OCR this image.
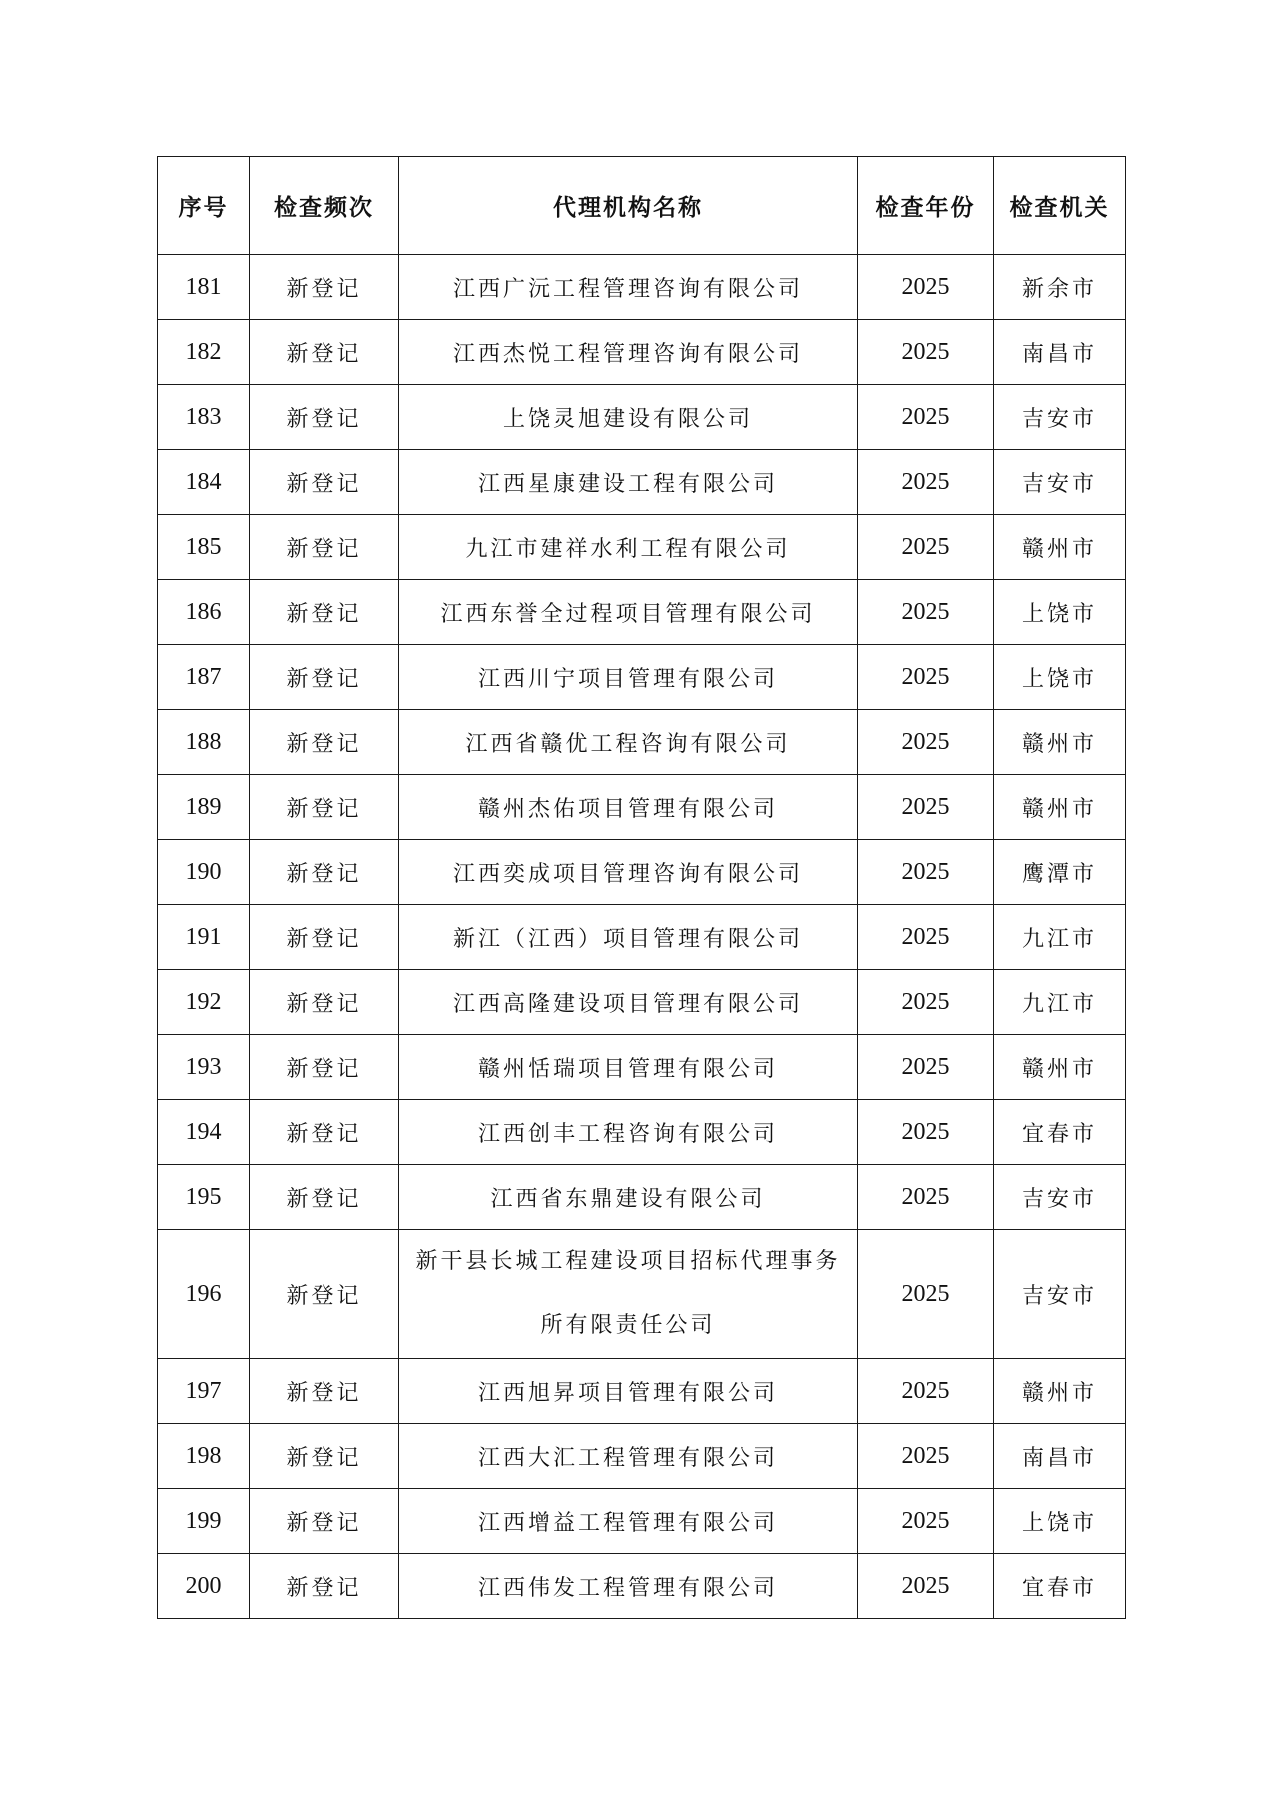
序号	检查频次	代理机构名称	检查年份	检查机关
181	新登记	江西广沅工程管理咨询有限公司	2025	新余市
182	新登记	江西杰悦工程管理咨询有限公司	2025	南昌市
183	新登记	上饶灵旭建设有限公司	2025	吉安市
184	新登记	江西星康建设工程有限公司	2025	吉安市
185	新登记	九江市建祥水利工程有限公司	2025	赣州市
186	新登记	江西东誉全过程项目管理有限公司	2025	上饶市
187	新登记	江西川宁项目管理有限公司	2025	上饶市
188	新登记	江西省赣优工程咨询有限公司	2025	赣州市
189	新登记	赣州杰佑项目管理有限公司	2025	赣州市
190	新登记	江西奕成项目管理咨询有限公司	2025	鹰潭市
191	新登记	新江（江西）项目管理有限公司	2025	九江市
192	新登记	江西高隆建设项目管理有限公司	2025	九江市
193	新登记	赣州恬瑞项目管理有限公司	2025	赣州市
194	新登记	江西创丰工程咨询有限公司	2025	宜春市
195	新登记	江西省东鼎建设有限公司	2025	吉安市
196	新登记	新干县长城工程建设项目招标代理事务所有限责任公司	2025	吉安市
197	新登记	江西旭昇项目管理有限公司	2025	赣州市
198	新登记	江西大汇工程管理有限公司	2025	南昌市
199	新登记	江西增益工程管理有限公司	2025	上饶市
200	新登记	江西伟发工程管理有限公司	2025	宜春市
